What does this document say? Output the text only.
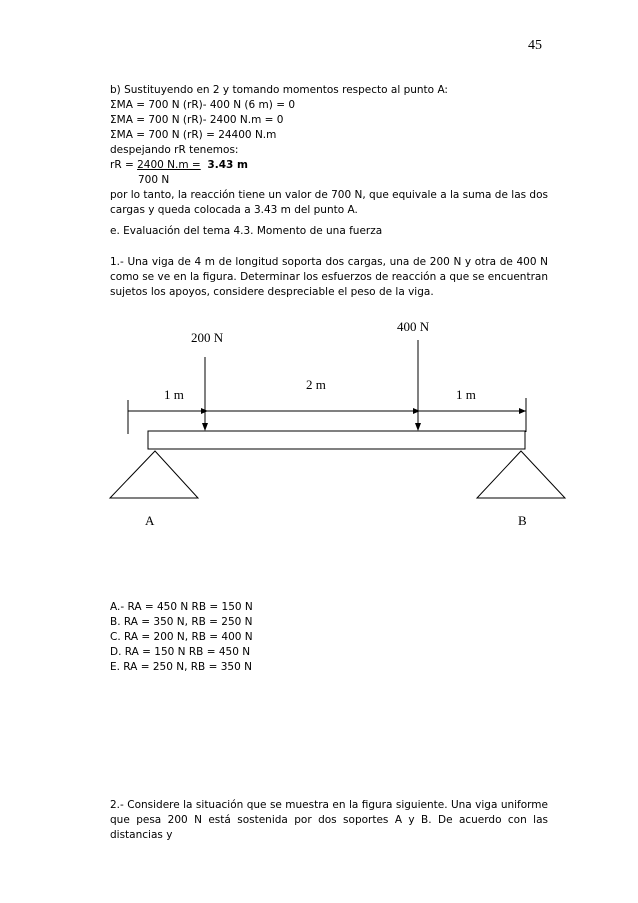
45

b) Sustituyendo en 2 y tomando momentos respecto al punto A:

ΣMA = 700 N (rR)- 400 N (6 m) = 0

ΣMA = 700 N (rR)- 2400 N.m = 0

ΣMA = 700 N (rR) = 24400 N.m

despejando rR tenemos:

rR = 2400 N.m = 3.43 m

700 N

por lo tanto, la reacción tiene un valor de 700 N, que equivale a la suma de las dos cargas y queda colocada a 3.43 m del punto A.

e. Evaluación del tema 4.3. Momento de una fuerza
1.- Una viga de 4 m de longitud soporta dos cargas, una de 200 N y otra de 400 N como se ve en la figura. Determinar los esfuerzos de reacción a que se encuentran sujetos los apoyos, considere despreciable el peso de la viga.
200 N
400 N
1 m
2 m
1 m
A	B

A.- RA = 450 N RB = 150 N

B. RA = 350 N, RB = 250 N

C. RA = 200 N, RB = 400 N

D. RA = 150 N RB = 450 N

E. RA = 250 N, RB = 350 N

2.- Considere la situación que se muestra en la figura siguiente. Una viga uniforme que pesa 200 N está sostenida por dos soportes A y B. De acuerdo con las distancias y
